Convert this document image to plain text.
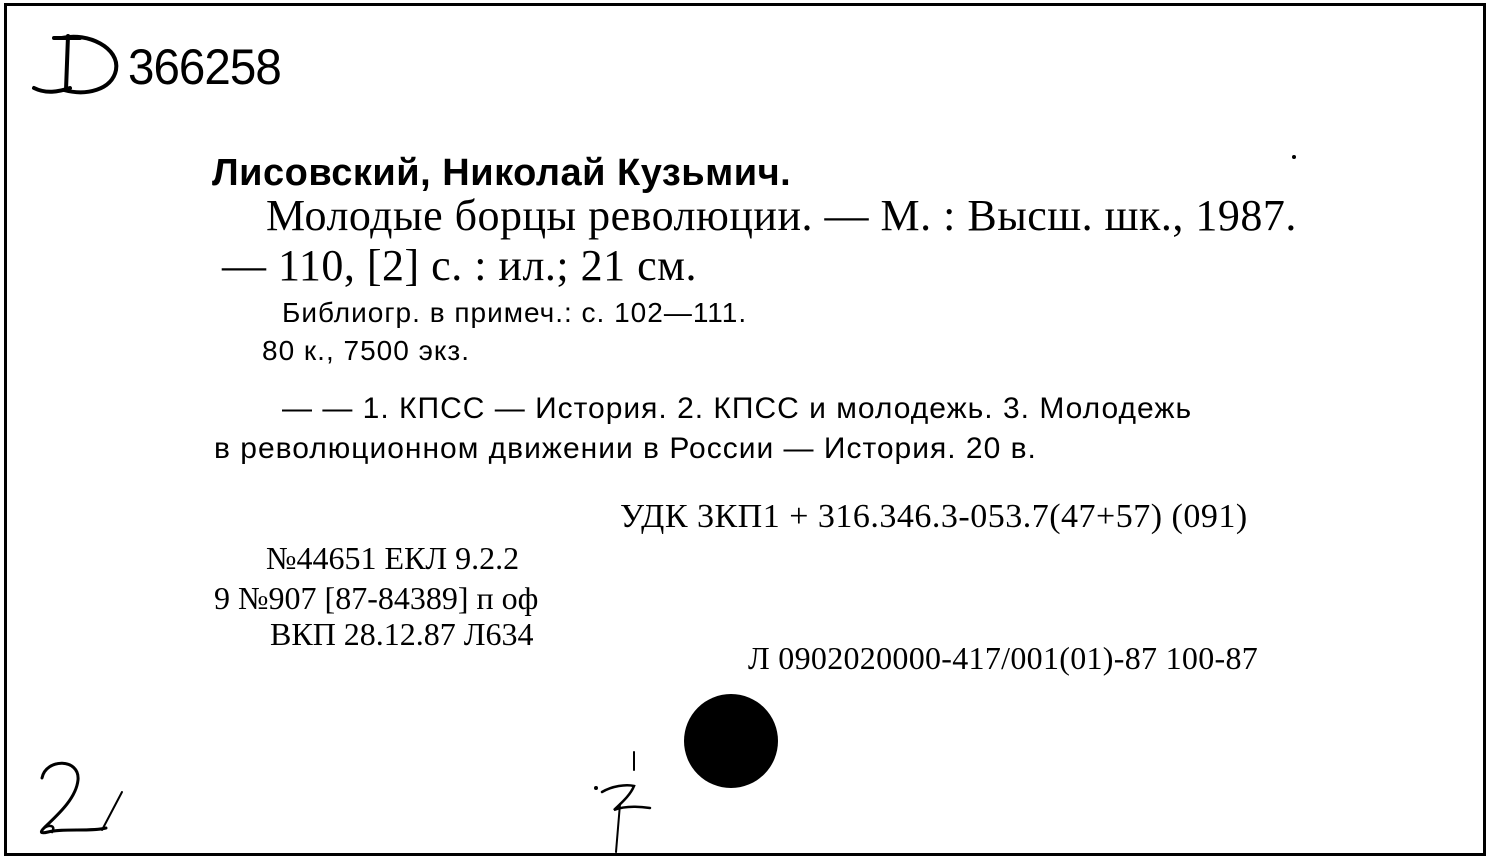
366258
Лисовский, Николай Кузьмич.
Молодые борцы революции. — М. : Высш. шк., 1987.
— 110, [2] с. : ил.; 21 см.
Библиогр. в примеч.: с. 102—111.
80 к., 7500 экз.
— — 1. КПСС — История. 2. КПСС и молодежь. 3. Молодежь
в революционном движении в России — История. 20 в.
УДК 3КП1 + 316.346.3-053.7(47+57) (091)
№44651 ЕКЛ 9.2.2
9 №907 [87-84389] п оф
ВКП 28.12.87 Л634
Л 0902020000-417/001(01)-87 100-87
